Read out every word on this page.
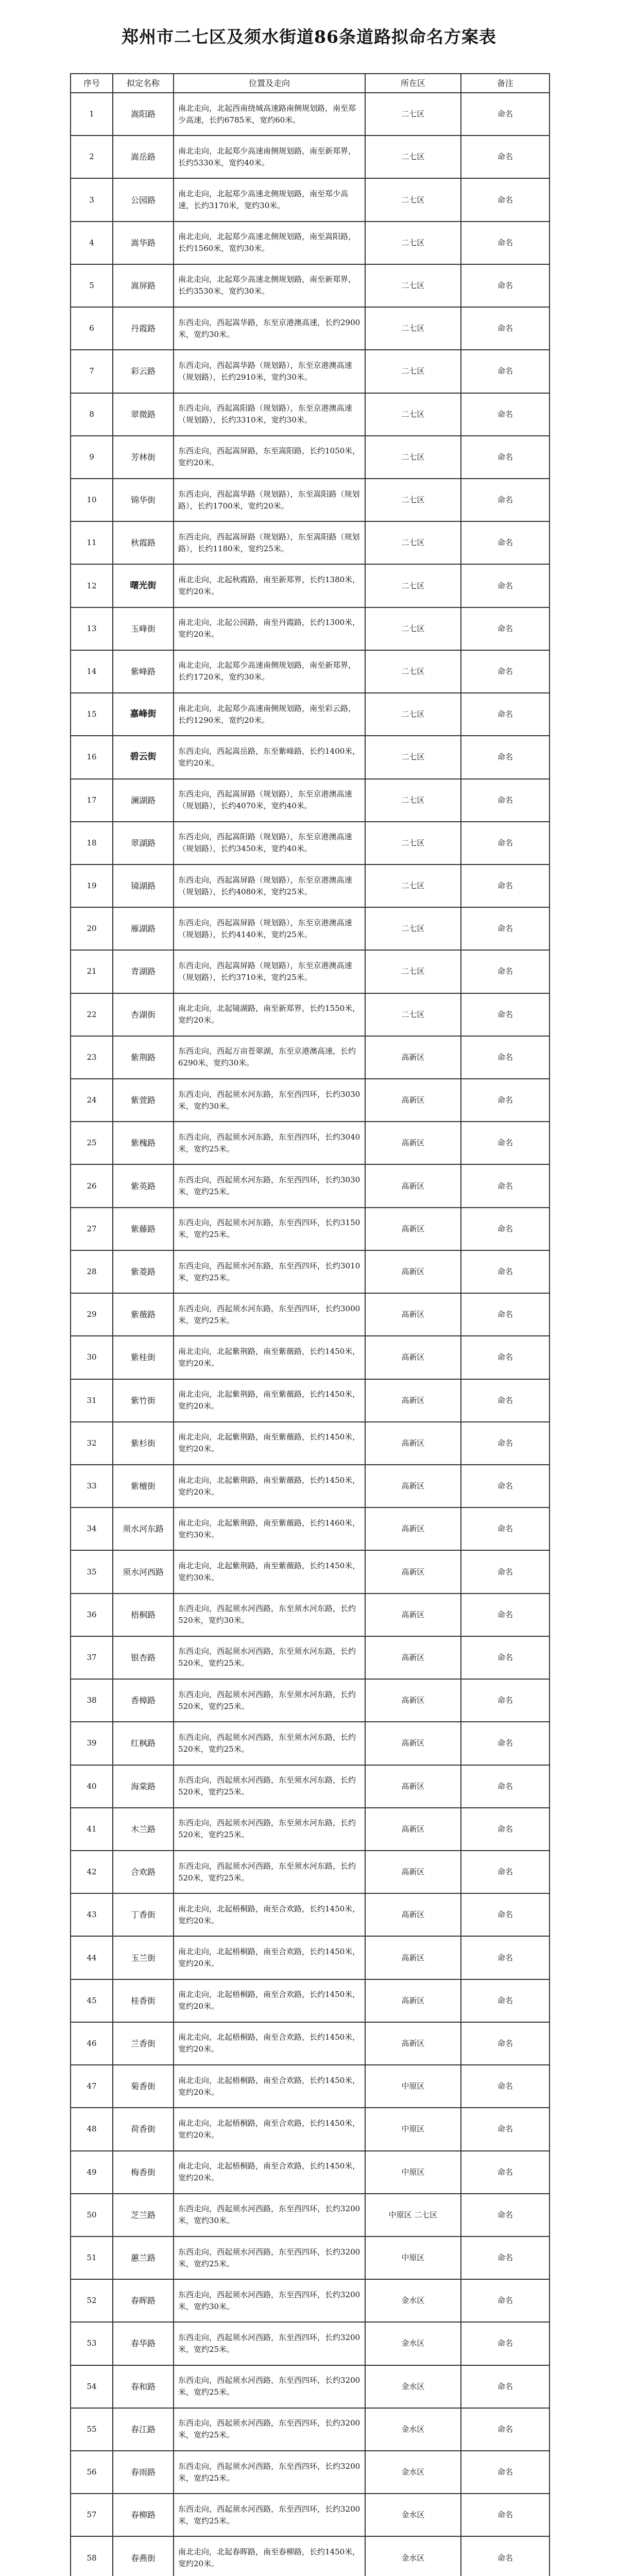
郑州市二七区及须水街道86条道路拟命名方案表
序号	拟定名称	位置及走向	所在区	备注
1	嵩阳路	南北走向，北起西南绕城高速路南侧规划路，南至郑少高速，长约6785米，宽约60米。	二七区	命名
2	嵩岳路	南北走向，北起郑少高速南侧规划路，南至新郑界，长约5330米，宽约40米。	二七区	命名
3	公园路	南北走向，北起郑少高速北侧规划路，南至郑少高速，长约3170米，宽约30米。	二七区	命名
4	嵩华路	南北走向，北起郑少高速北侧规划路，南至嵩阳路，长约1560米，宽约30米。	二七区	命名
5	嵩屏路	南北走向，北起郑少高速北侧规划路，南至新郑界，长约3530米，宽约30米。	二七区	命名
6	丹霞路	东西走向，西起嵩华路，东至京港澳高速，长约2900米，宽约30米。	二七区	命名
7	彩云路	东西走向，西起嵩华路（规划路），东至京港澳高速（规划路），长约2910米，宽约30米。	二七区	命名
8	翠微路	东西走向，西起嵩阳路（规划路），东至京港澳高速（规划路），长约3310米，宽约30米。	二七区	命名
9	芳林街	东西走向，西起嵩屏路，东至嵩阳路，长约1050米，宽约20米。	二七区	命名
10	锦华街	东西走向，西起嵩华路（规划路），东至嵩阳路（规划路），长约1700米，宽约20米。	二七区	命名
11	秋霞路	东西走向，西起嵩屏路（规划路），东至嵩阳路（规划路），长约1180米，宽约25米。	二七区	命名
12	曙光街	南北走向，北起秋霞路，南至新郑界，长约1380米，宽约20米。	二七区	命名
13	玉峰街	南北走向，北起公园路，南至丹霞路，长约1300米，宽约20米。	二七区	命名
14	紫峰路	南北走向，北起郑少高速南侧规划路，南至新郑界，长约1720米，宽约30米。	二七区	命名
15	嘉峰街	南北走向，北起郑少高速南侧规划路，南至彩云路，长约1290米，宽约20米。	二七区	命名
16	碧云街	东西走向，西起嵩岳路，东至紫峰路，长约1400米，宽约20米。	二七区	命名
17	澜湖路	东西走向，西起嵩屏路（规划路），东至京港澳高速（规划路），长约4070米，宽约40米。	二七区	命名
18	翠湖路	东西走向，西起嵩阳路（规划路），东至京港澳高速（规划路），长约3450米，宽约40米。	二七区	命名
19	镜湖路	东西走向，西起嵩屏路（规划路），东至京港澳高速（规划路），长约4080米，宽约25米。	二七区	命名
20	雁湖路	东西走向，西起嵩屏路（规划路），东至京港澳高速（规划路），长约4140米，宽约25米。	二七区	命名
21	青湖路	东西走向，西起嵩屏路（规划路），东至京港澳高速（规划路），长约3710米，宽约25米。	二七区	命名
22	杏湖街	南北走向，北起镜湖路，南至新郑界，长约1550米，宽约20米。	二七区	命名
23	紫荆路	东西走向，西起万亩苍翠湖，东至京港澳高速，长约6290米，宽约30米。	高新区	命名
24	紫萱路	东西走向，西起须水河东路，东至西四环，长约3030米，宽约30米。	高新区	命名
25	紫槐路	东西走向，西起须水河东路，东至西四环，长约3040米，宽约25米。	高新区	命名
26	紫英路	东西走向，西起须水河东路，东至西四环，长约3030米，宽约25米。	高新区	命名
27	紫藤路	东西走向，西起须水河东路，东至西四环，长约3150米，宽约25米。	高新区	命名
28	紫菱路	东西走向，西起须水河东路，东至西四环，长约3010米，宽约25米。	高新区	命名
29	紫薇路	东西走向，西起须水河东路，东至西四环，长约3000米，宽约25米。	高新区	命名
30	紫桂街	南北走向，北起紫荆路，南至紫薇路，长约1450米，宽约20米。	高新区	命名
31	紫竹街	南北走向，北起紫荆路，南至紫薇路，长约1450米，宽约20米。	高新区	命名
32	紫杉街	南北走向，北起紫荆路，南至紫薇路，长约1450米，宽约20米。	高新区	命名
33	紫檀街	南北走向，北起紫荆路，南至紫薇路，长约1450米，宽约20米。	高新区	命名
34	须水河东路	南北走向，北起紫荆路，南至紫薇路，长约1460米，宽约30米。	高新区	命名
35	须水河西路	南北走向，北起紫荆路，南至紫薇路，长约1450米，宽约30米。	高新区	命名
36	梧桐路	东西走向，西起须水河西路，东至须水河东路，长约520米，宽约30米。	高新区	命名
37	银杏路	东西走向，西起须水河西路，东至须水河东路，长约520米，宽约25米。	高新区	命名
38	香樟路	东西走向，西起须水河西路，东至须水河东路，长约520米，宽约25米。	高新区	命名
39	红枫路	东西走向，西起须水河西路，东至须水河东路，长约520米，宽约25米。	高新区	命名
40	海棠路	东西走向，西起须水河西路，东至须水河东路，长约520米，宽约25米。	高新区	命名
41	木兰路	东西走向，西起须水河西路，东至须水河东路，长约520米，宽约25米。	高新区	命名
42	合欢路	东西走向，西起须水河西路，东至须水河东路，长约520米，宽约25米。	高新区	命名
43	丁香街	南北走向，北起梧桐路，南至合欢路，长约1450米，宽约20米。	高新区	命名
44	玉兰街	南北走向，北起梧桐路，南至合欢路，长约1450米，宽约20米。	高新区	命名
45	桂香街	南北走向，北起梧桐路，南至合欢路，长约1450米，宽约20米。	高新区	命名
46	兰香街	南北走向，北起梧桐路，南至合欢路，长约1450米，宽约20米。	高新区	命名
47	菊香街	南北走向，北起梧桐路，南至合欢路，长约1450米，宽约20米。	中原区	命名
48	荷香街	南北走向，北起梧桐路，南至合欢路，长约1450米，宽约20米。	中原区	命名
49	梅香街	南北走向，北起梧桐路，南至合欢路，长约1450米，宽约20米。	中原区	命名
50	芝兰路	东西走向，西起须水河西路，东至西四环，长约3200米，宽约30米。	中原区 二七区	命名
51	蕙兰路	东西走向，西起须水河西路，东至西四环，长约3200米，宽约25米。	中原区	命名
52	春晖路	东西走向，西起须水河西路，东至西四环，长约3200米，宽约30米。	金水区	命名
53	春华路	东西走向，西起须水河西路，东至西四环，长约3200米，宽约25米。	金水区	命名
54	春和路	东西走向，西起须水河西路，东至西四环，长约3200米，宽约25米。	金水区	命名
55	春江路	东西走向，西起须水河西路，东至西四环，长约3200米，宽约25米。	金水区	命名
56	春雨路	东西走向，西起须水河西路，东至西四环，长约3200米，宽约25米。	金水区	命名
57	春柳路	东西走向，西起须水河西路，东至西四环，长约3200米，宽约25米。	金水区	命名
58	春燕街	南北走向，北起春晖路，南至春柳路，长约1450米，宽约20米。	金水区	命名
